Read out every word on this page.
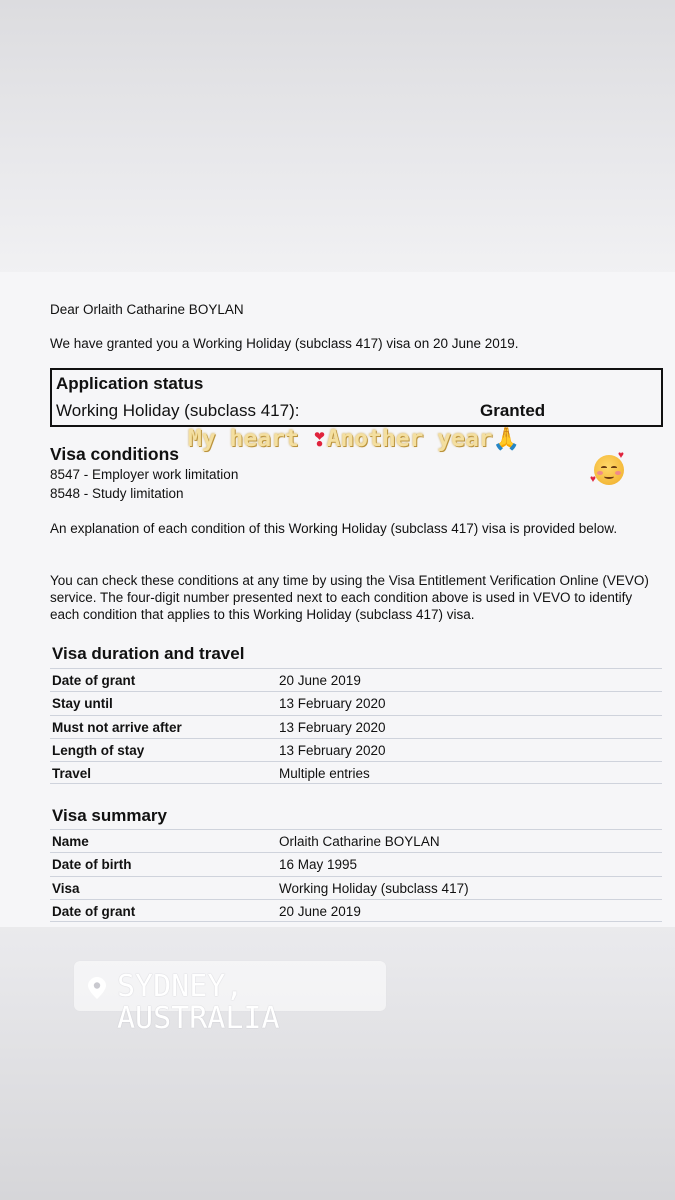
Dear Orlaith Catharine BOYLAN
We have granted you a Working Holiday (subclass 417) visa on 20 June 2019.
Application status
Working Holiday (subclass 417):	Granted
Visa conditions
8547 - Employer work limitation
8548 - Study limitation
An explanation of each condition of this Working Holiday (subclass 417) visa is provided below.
You can check these conditions at any time by using the Visa Entitlement Verification Online (VEVO) service. The four-digit number presented next to each condition above is used in VEVO to identify each condition that applies to this Working Holiday (subclass 417) visa.
Visa duration and travel
Date of grant	20 June 2019
Stay until	13 February 2020
Must not arrive after	13 February 2020
Length of stay	13 February 2020
Travel	Multiple entries
Visa summary
Name	Orlaith Catharine BOYLAN
Date of birth	16 May 1995
Visa	Working Holiday (subclass 417)
Date of grant	20 June 2019
My heart ❣Another year🙏
♥
♥
SYDNEY, AUSTRALIA
